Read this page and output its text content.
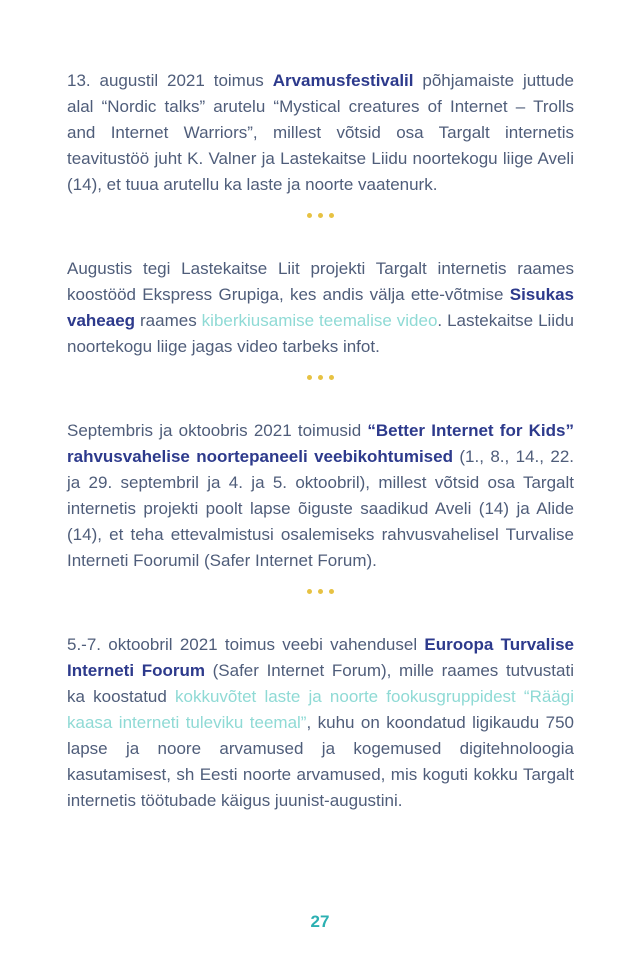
13. augustil 2021 toimus Arvamusfestivalil põhjamaiste juttude alal “Nordic talks” arutelu “Mystical creatures of Internet – Trolls and Internet Warriors”, millest võtsid osa Targalt internetis teavitustöö juht K. Valner ja Lastekaitse Liidu noortekogu liige Aveli (14), et tuua arutellu ka laste ja noorte vaatenurk.

Augustis tegi Lastekaitse Liit projekti Targalt internetis raames koostööd Ekspress Grupiga, kes andis välja ette-võtmise Sisukas vaheaeg raames kiberkiusamise teemalise video. Lastekaitse Liidu noortekogu liige jagas video tarbeks infot.

Septembris ja oktoobris 2021 toimusid “Better Internet for Kids” rahvusvahelise noortepaneeli veebikohtumised (1., 8., 14., 22. ja 29. septembril ja 4. ja 5. oktoobril), millest võtsid osa Targalt internetis projekti poolt lapse õiguste saadikud Aveli (14) ja Alide (14), et teha ettevalmistusi osalemiseks rahvusvahelisel Turvalise Interneti Foorumil (Safer Internet Forum).

5.-7. oktoobril 2021 toimus veebi vahendusel Euroopa Turvalise Interneti Foorum (Safer Internet Forum), mille raames tutvustati ka koostatud kokkuvõtet laste ja noorte fookusgruppidest “Räägi kaasa interneti tuleviku teemal”, kuhu on koondatud ligikaudu 750 lapse ja noore arvamused ja kogemused digitehnoloogia kasutamisest, sh Eesti noorte arvamused, mis koguti kokku Targalt internetis töötubade käigus juunist-augustini.

27
